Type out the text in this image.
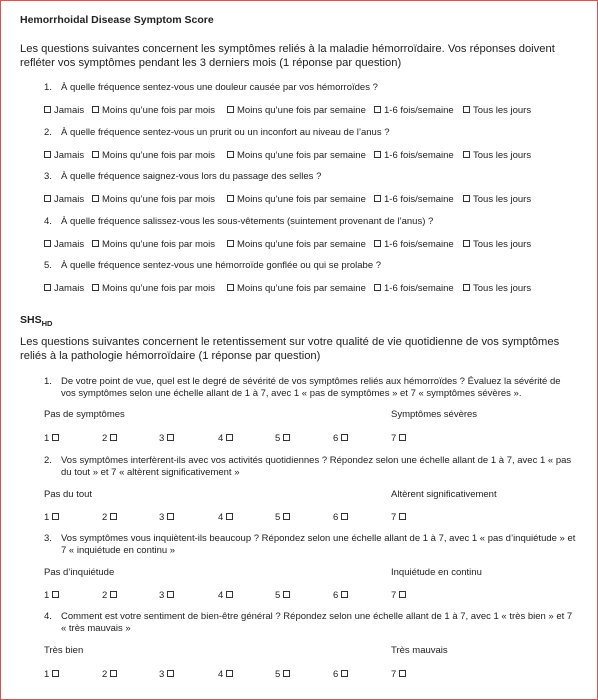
Hemorrhoidal Disease Symptom Score
Les questions suivantes concernent les symptômes reliés à la maladie hémorroïdaire. Vos réponses doivent refléter vos symptômes pendant les 3 derniers mois (1 réponse par question)
1. À quelle fréquence sentez-vous une douleur causée par vos hémorroïdes ?
Jamais	Moins qu’une fois par mois	Moins qu’une fois par semaine	1-6 fois/semaine	Tous les jours
2. À quelle fréquence sentez-vous un prurit ou un inconfort au niveau de l’anus ?
Jamais	Moins qu’une fois par mois	Moins qu’une fois par semaine	1-6 fois/semaine	Tous les jours
3. À quelle fréquence saignez-vous lors du passage des selles ?
Jamais	Moins qu’une fois par mois	Moins qu’une fois par semaine	1-6 fois/semaine	Tous les jours
4. À quelle fréquence salissez-vous les sous-vêtements (suintement provenant de l’anus) ?
Jamais	Moins qu’une fois par mois	Moins qu’une fois par semaine	1-6 fois/semaine	Tous les jours
5. À quelle fréquence sentez-vous une hémorroïde gonflée ou qui se prolabe ?
Jamais	Moins qu’une fois par mois	Moins qu’une fois par semaine	1-6 fois/semaine	Tous les jours
$SHS_{HD}$
Les questions suivantes concernent le retentissement sur votre qualité de vie quotidienne de vos symptômes reliés à la pathologie hémorroïdaire (1 réponse par question)
1. De votre point de vue, quel est le degré de sévérité de vos symptômes reliés aux hémorroïdes ? Évaluez la sévérité de vos symptômes selon une échelle allant de 1 à 7, avec 1 « pas de symptômes » et 7 « symptômes sévères ».
Pas de symptômes	Symptômes sévères
1	2	3	4	5	6	7
2. Vos symptômes interfèrent-ils avec vos activités quotidiennes ? Répondez selon une échelle allant de 1 à 7, avec 1 « pas du tout » et 7 « altèrent significativement »
Pas du tout	Altèrent significativement
1	2	3	4	5	6	7
3. Vos symptômes vous inquiètent-ils beaucoup ? Répondez selon une échelle allant de 1 à 7, avec 1 « pas d’inquiétude » et 7 « inquiétude en continu »
Pas d’inquiétude	Inquiétude en continu
1	2	3	4	5	6	7
4. Comment est votre sentiment de bien-être général ? Répondez selon une échelle allant de 1 à 7, avec 1 « très bien » et 7 « très mauvais »
Très bien	Très mauvais
1	2	3	4	5	6	7
